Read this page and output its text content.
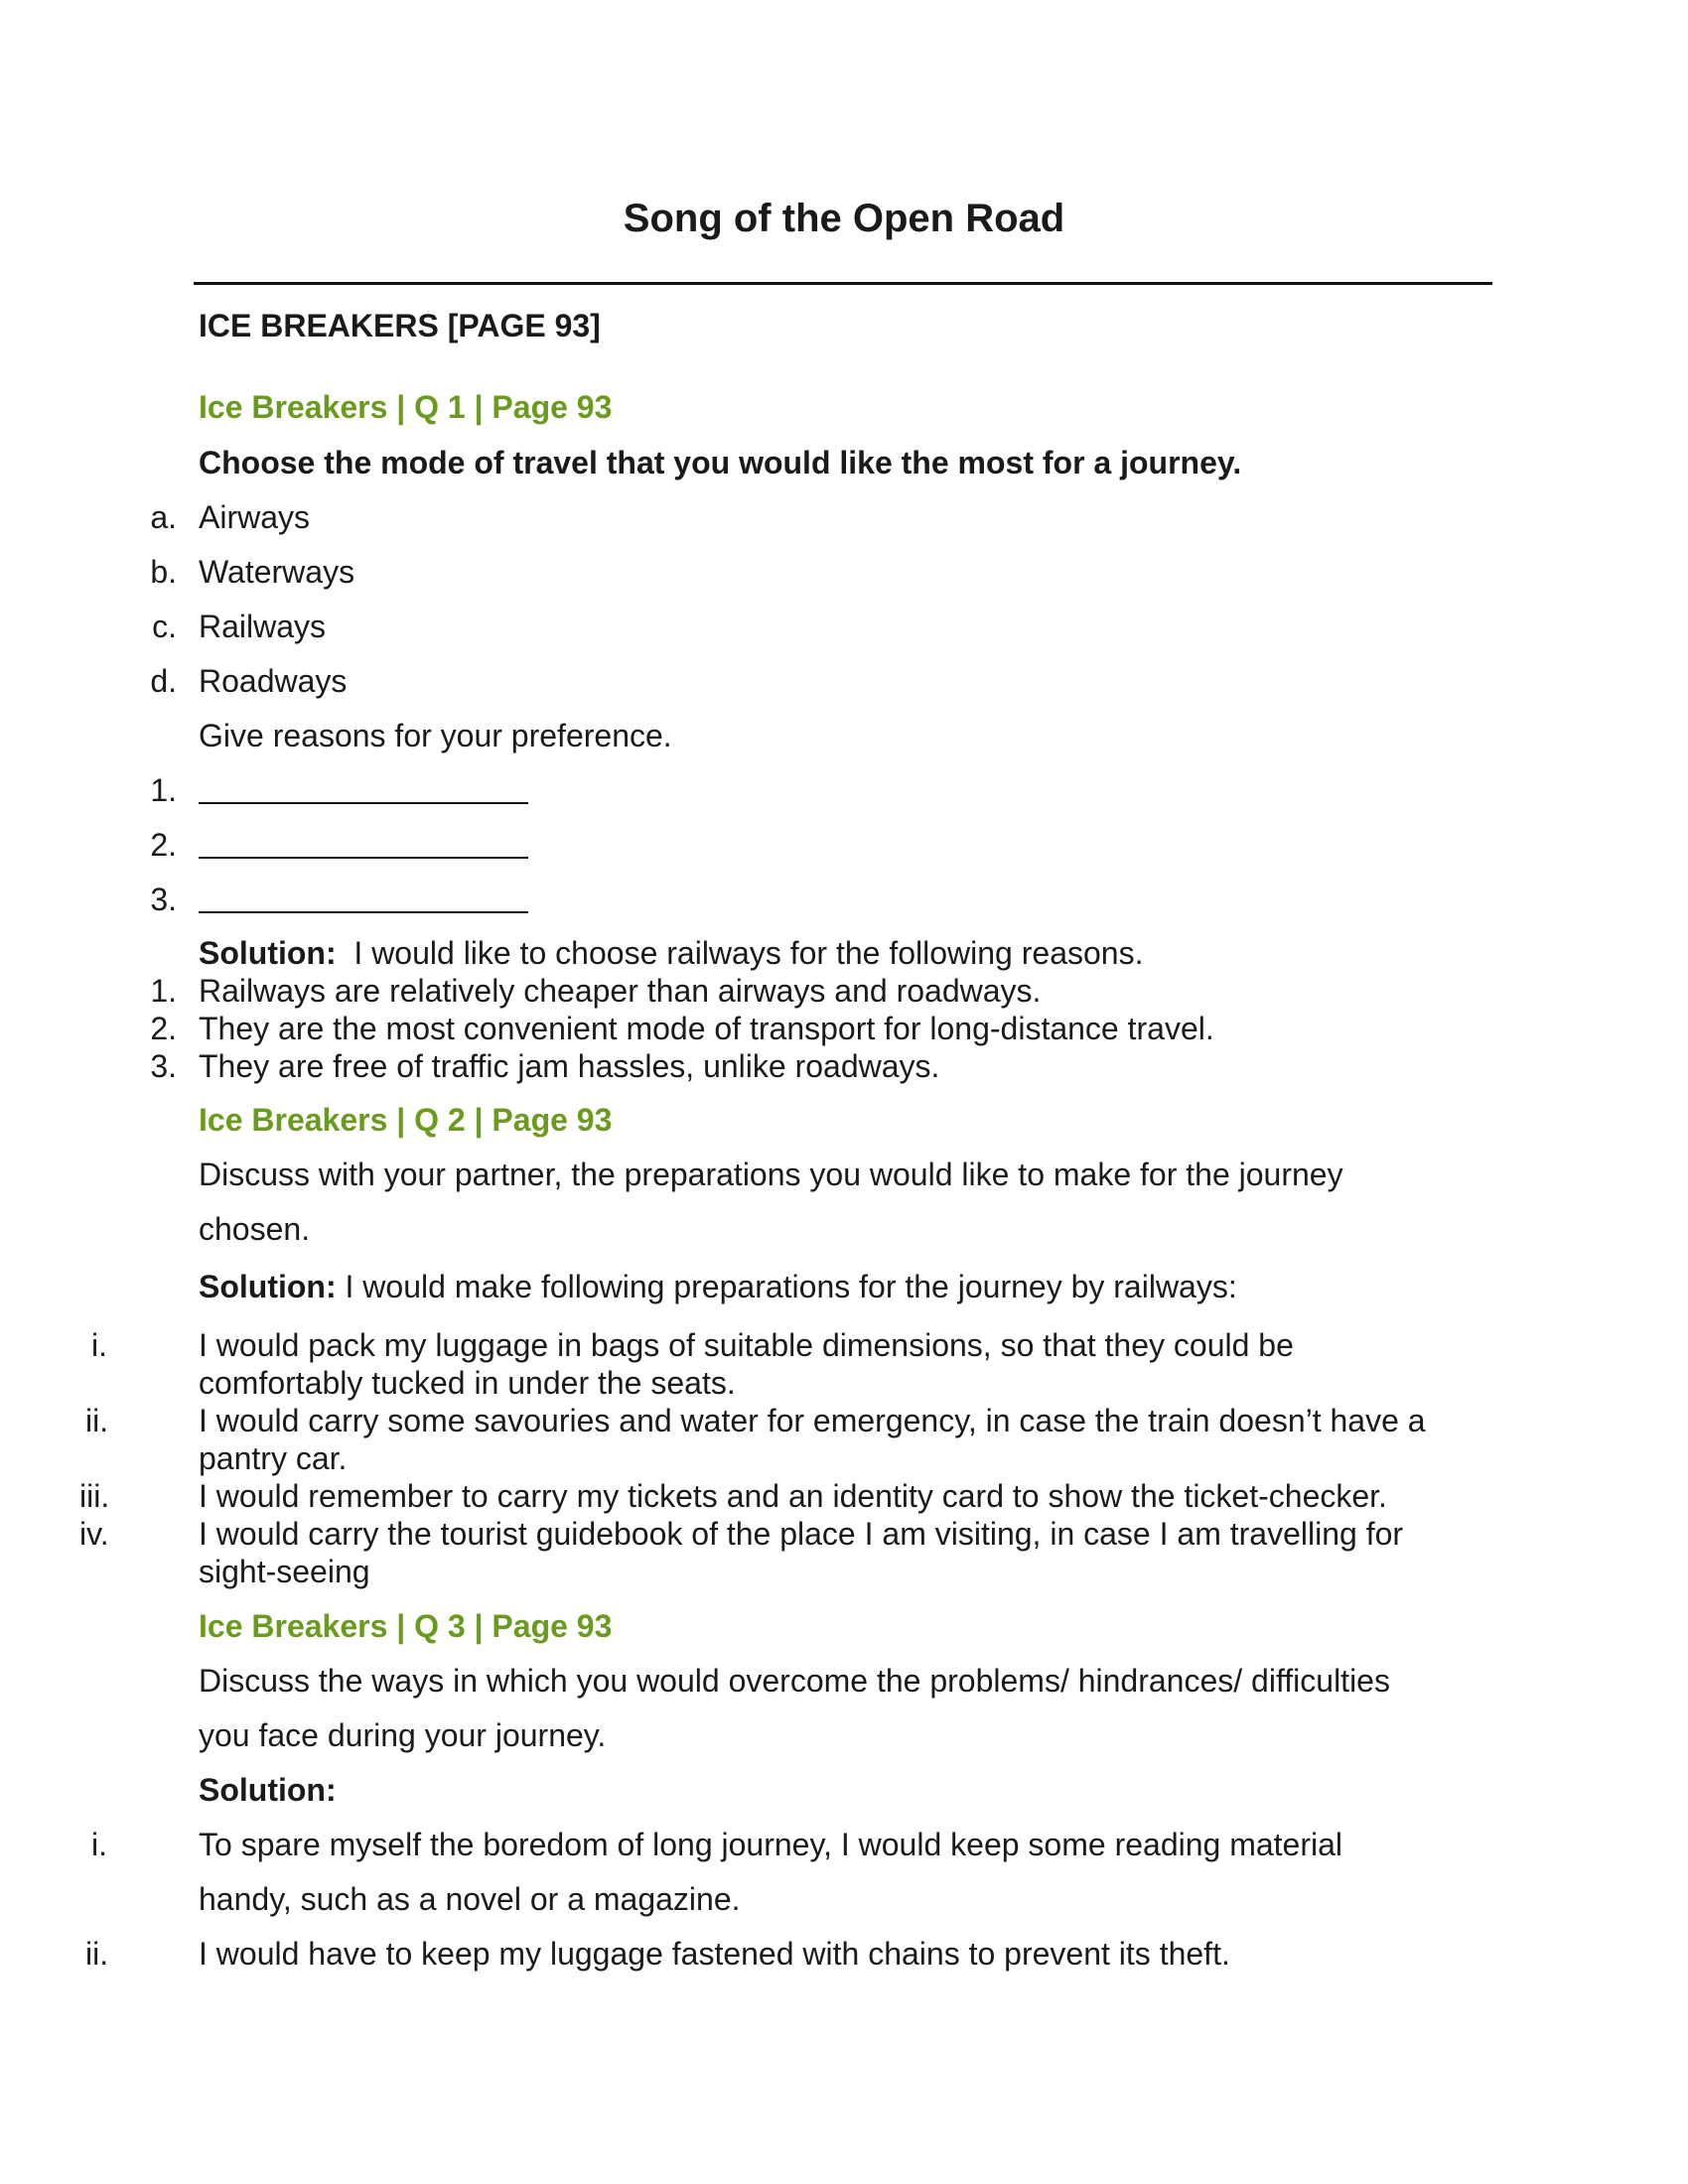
Song of the Open Road
ICE BREAKERS [PAGE 93]
Ice Breakers | Q 1 | Page 93
Choose the mode of travel that you would like the most for a journey.
a. Airways
b. Waterways
c. Railways
d. Roadways
Give reasons for your preference.
1.
2.
3.
Solution: I would like to choose railways for the following reasons.
1. Railways are relatively cheaper than airways and roadways.
2. They are the most convenient mode of transport for long-distance travel.
3. They are free of traffic jam hassles, unlike roadways.
Ice Breakers | Q 2 | Page 93
Discuss with your partner, the preparations you would like to make for the journey
chosen.
Solution: I would make following preparations for the journey by railways:
i.	I would pack my luggage in bags of suitable dimensions, so that they could be
comfortably tucked in under the seats.
ii.	I would carry some savouries and water for emergency, in case the train doesn’t have a
pantry car.
iii.	I would remember to carry my tickets and an identity card to show the ticket-checker.
iv.	I would carry the tourist guidebook of the place I am visiting, in case I am travelling for
sight-seeing
Ice Breakers | Q 3 | Page 93
Discuss the ways in which you would overcome the problems/ hindrances/ difficulties
you face during your journey.
Solution:
i.	To spare myself the boredom of long journey, I would keep some reading material
handy, such as a novel or a magazine.
ii.	I would have to keep my luggage fastened with chains to prevent its theft.
